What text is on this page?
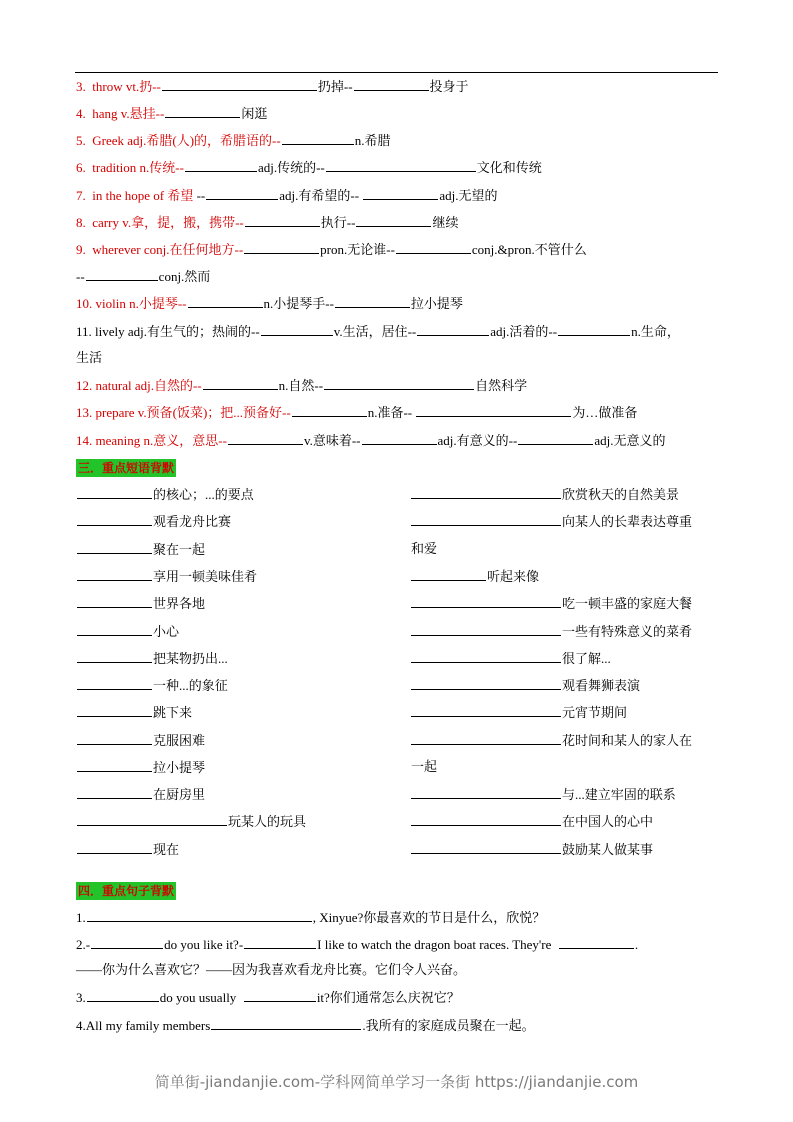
3. throw vt.扔--	扔掉--	投身于
4. hang v.悬挂--	闲逛
5. Greek adj.希腊(人)的，希腊语的--	n.希腊
6. tradition n.传统--	adj.传统的--	文化和传统
7. in the hope of 希望 --	adj.有希望的--	adj.无望的
8. carry v.拿，提，搬，携带--	执行--	继续
9. wherever conj.在任何地方--	pron.无论谁--	conj.&pron.不管什么
--	conj.然而
10. violin n.小提琴--	n.小提琴手--	拉小提琴
11. lively adj.有生气的；热闹的--	v.生活，居住--	adj.活着的--	n.生命，
生活
12. natural adj.自然的--	n.自然--	自然科学
13. prepare v.预备(饭菜)；把...预备好--	n.准备--	为…做准备
14. meaning n.意义，意思--	v.意味着--	adj.有意义的--	adj.无意义的
三．重点短语背默
的核心；...的要点
观看龙舟比赛
聚在一起
享用一顿美味佳肴
世界各地
小心
把某物扔出...
一种...的象征
跳下来
克服困难
拉小提琴
在厨房里
玩某人的玩具
现在
欣赏秋天的自然美景
向某人的长辈表达尊重
和爱
听起来像
吃一顿丰盛的家庭大餐
一些有特殊意义的菜肴
很了解...
观看舞狮表演
元宵节期间
花时间和某人的家人在
一起
与...建立牢固的联系
在中国人的心中
鼓励某人做某事
四．重点句子背默
1.	, Xinyue?你最喜欢的节日是什么，欣悦？
2.-	do you like it?-	I like to watch the dragon boat races. They're	.
——你为什么喜欢它？——因为我喜欢看龙舟比赛。它们令人兴奋。
3.	do you usually	it?你们通常怎么庆祝它？
4.All my family members	.我所有的家庭成员聚在一起。
简单街-jiandanjie.com-学科网简单学习一条街 https://jiandanjie.com
